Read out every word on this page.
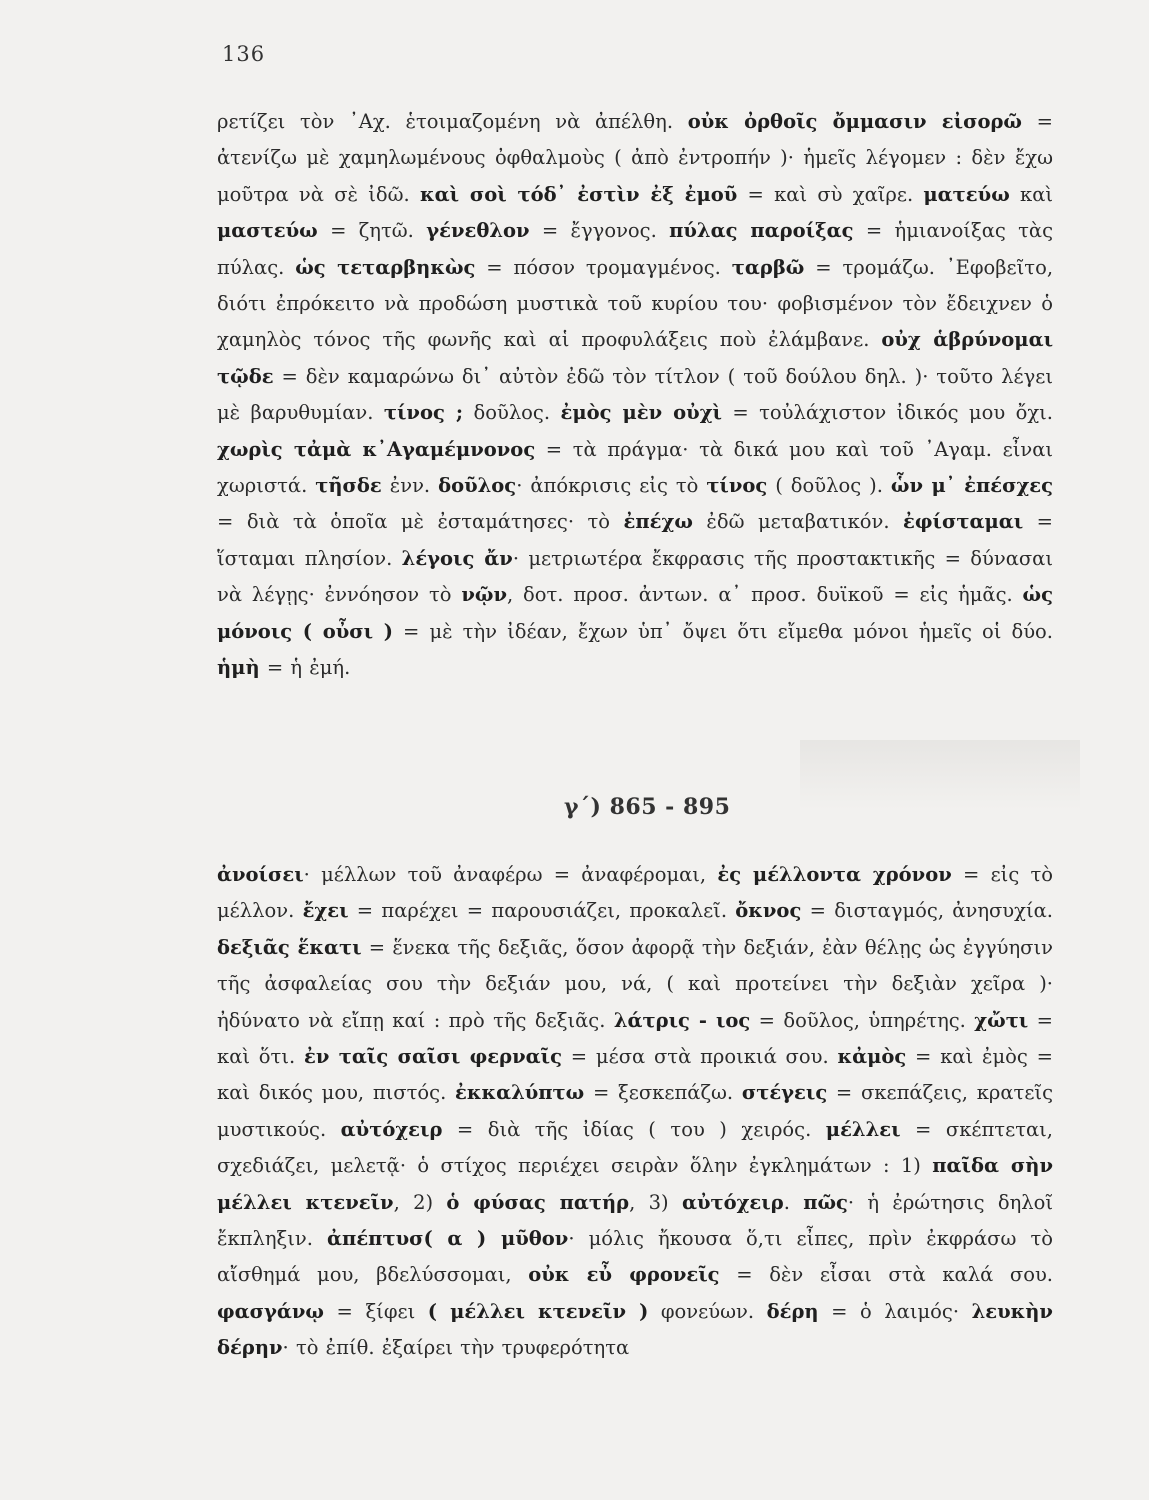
136
ρετίζει τὸν ᾿Αχ. ἑτοιμαζομένη νὰ ἀπέλθη. οὐκ ὀρθοῖς ὄμμασιν εἰσορῶ = ἀτενίζω μὲ χαμηλωμένους ὀφθαλμοὺς ( ἀπὸ ἐντροπήν )· ἡμεῖς λέγομεν : δὲν ἔχω μοῦτρα νὰ σὲ ἰδῶ. καὶ σοὶ τόδ᾿ ἐστὶν ἐξ ἐμοῦ = καὶ σὺ χαῖρε. ματεύω καὶ μαστεύω = ζητῶ. γένεθλον = ἔγγονος. πύλας παροίξας = ἡμιανοίξας τὰς πύλας. ὡς τεταρβηκὼς = πόσον τρομαγμένος. ταρβῶ = τρομάζω. ᾿Εφοβεῖτο, διότι ἐπρόκειτο νὰ προδώση μυστικὰ τοῦ κυρίου του· φοβισμένον τὸν ἔδειχνεν ὁ χαμηλὸς τόνος τῆς φωνῆς καὶ αἱ προφυλάξεις ποὺ ἐλάμβανε. οὐχ ἁβρύνομαι τῷδε = δὲν καμαρώνω δι᾿ αὐτὸν ἐδῶ τὸν τίτλον ( τοῦ δούλου δηλ. )· τοῦτο λέγει μὲ βαρυθυμίαν. τίνος ; δοῦλος. ἐμὸς μὲν οὐχὶ = τοὐλάχιστον ἰδικός μου ὄχι. χωρὶς τἀμὰ κ᾿Αγαμέμνονος = τὰ πράγμα· τὰ δικά μου καὶ τοῦ ᾿Αγαμ. εἶναι χωριστά. τῆσδε ἐνν. δοῦλος· ἀπόκρισις εἰς τὸ τίνος ( δοῦλος ). ὧν μ᾿ ἐπέσχες = διὰ τὰ ὁποῖα μὲ ἐσταμάτησες· τὸ ἐπέχω ἐδῶ μεταβατικόν. ἐφίσταμαι = ἵσταμαι πλησίον. λέγοις ἄν· μετριωτέρα ἔκφρασις τῆς προστακτικῆς = δύνασαι νὰ λέγῃς· ἐννόησον τὸ νῷν, δοτ. προσ. ἀντων. α᾿ προσ. δυϊκοῦ = εἰς ἡμᾶς. ὡς μόνοις ( οὖσι ) = μὲ τὴν ἰδέαν, ἔχων ὑπ᾿ ὄψει ὅτι εἴμεθα μόνοι ἡμεῖς οἱ δύο. ἡμὴ = ἡ ἐμή.
γ΄) 865 - 895
ἀνοίσει· μέλλων τοῦ ἀναφέρω = ἀναφέρομαι, ἐς μέλλοντα χρόνον = εἰς τὸ μέλλον. ἔχει = παρέχει = παρουσιάζει, προκαλεῖ. ὄκνος = δισταγμός, ἀνησυχία. δεξιᾶς ἕκατι = ἕνεκα τῆς δεξιᾶς, ὅσον ἀφορᾷ τὴν δεξιάν, ἐὰν θέλῃς ὡς ἐγγύησιν τῆς ἀσφαλείας σου τὴν δεξιάν μου, νά, ( καὶ προτείνει τὴν δεξιὰν χεῖρα )· ἠδύνατο νὰ εἴπῃ καί : πρὸ τῆς δεξιᾶς. λάτρις - ιος = δοῦλος, ὑπηρέτης. χὤτι = καὶ ὅτι. ἐν ταῖς σαῖσι φερναῖς = μέσα στὰ προικιά σου. κἀμὸς = καὶ ἐμὸς = καὶ δικός μου, πιστός. ἐκκαλύπτω = ξεσκεπάζω. στέγεις = σκεπάζεις, κρατεῖς μυστικούς. αὐτόχειρ = διὰ τῆς ἰδίας ( του ) χειρός. μέλλει = σκέπτεται, σχεδιάζει, μελετᾷ· ὁ στίχος περιέχει σειρὰν ὅλην ἐγκλημάτων : 1) παῖδα σὴν μέλλει κτενεῖν, 2) ὁ φύσας πατήρ, 3) αὐτόχειρ. πῶς· ἡ ἐρώτησις δηλοῖ ἔκπληξιν. ἀπέπτυσ( α ) μῦθον· μόλις ἤκουσα ὅ,τι εἶπες, πρὶν ἐκφράσω τὸ αἴσθημά μου, βδελύσσομαι, οὐκ εὖ φρονεῖς = δὲν εἶσαι στὰ καλά σου. φασγάνῳ = ξίφει ( μέλλει κτενεῖν ) φονεύων. δέρη = ὁ λαιμός· λευκὴν δέρην· τὸ ἐπίθ. ἐξαίρει τὴν τρυφερότητα
